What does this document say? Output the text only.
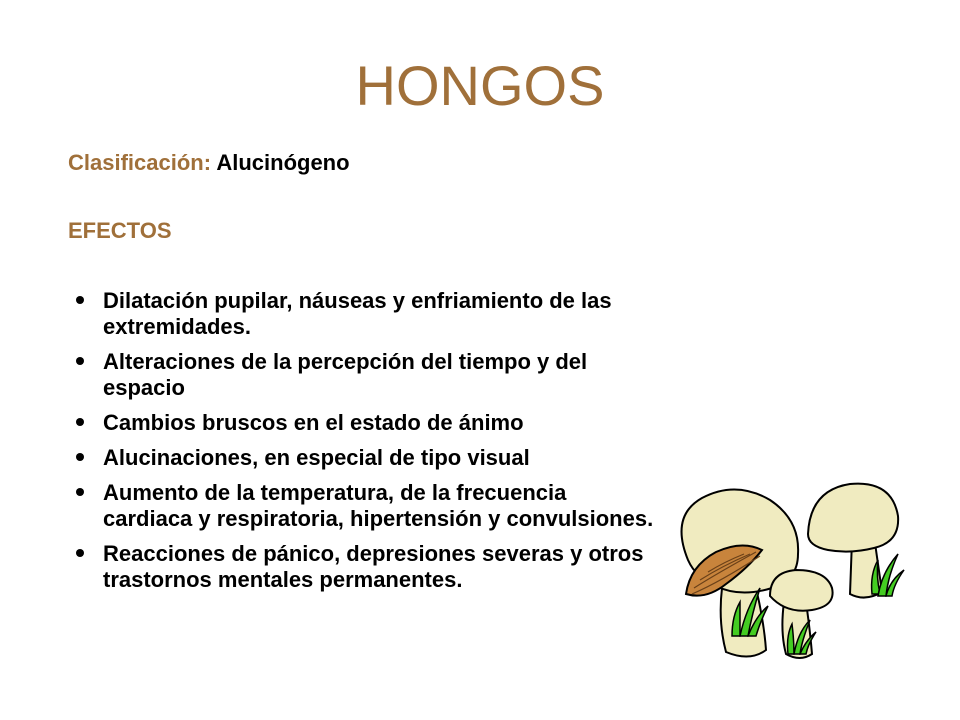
HONGOS
Clasificación: Alucinógeno
EFECTOS
Dilatación pupilar, náuseas y enfriamiento de las extremidades.
Alteraciones de la percepción del tiempo y del espacio
Cambios bruscos en el estado de ánimo
Alucinaciones, en especial de tipo visual
Aumento de la temperatura, de la frecuencia cardiaca y respiratoria, hipertensión y convulsiones.
Reacciones de pánico, depresiones severas y otros trastornos mentales permanentes.
